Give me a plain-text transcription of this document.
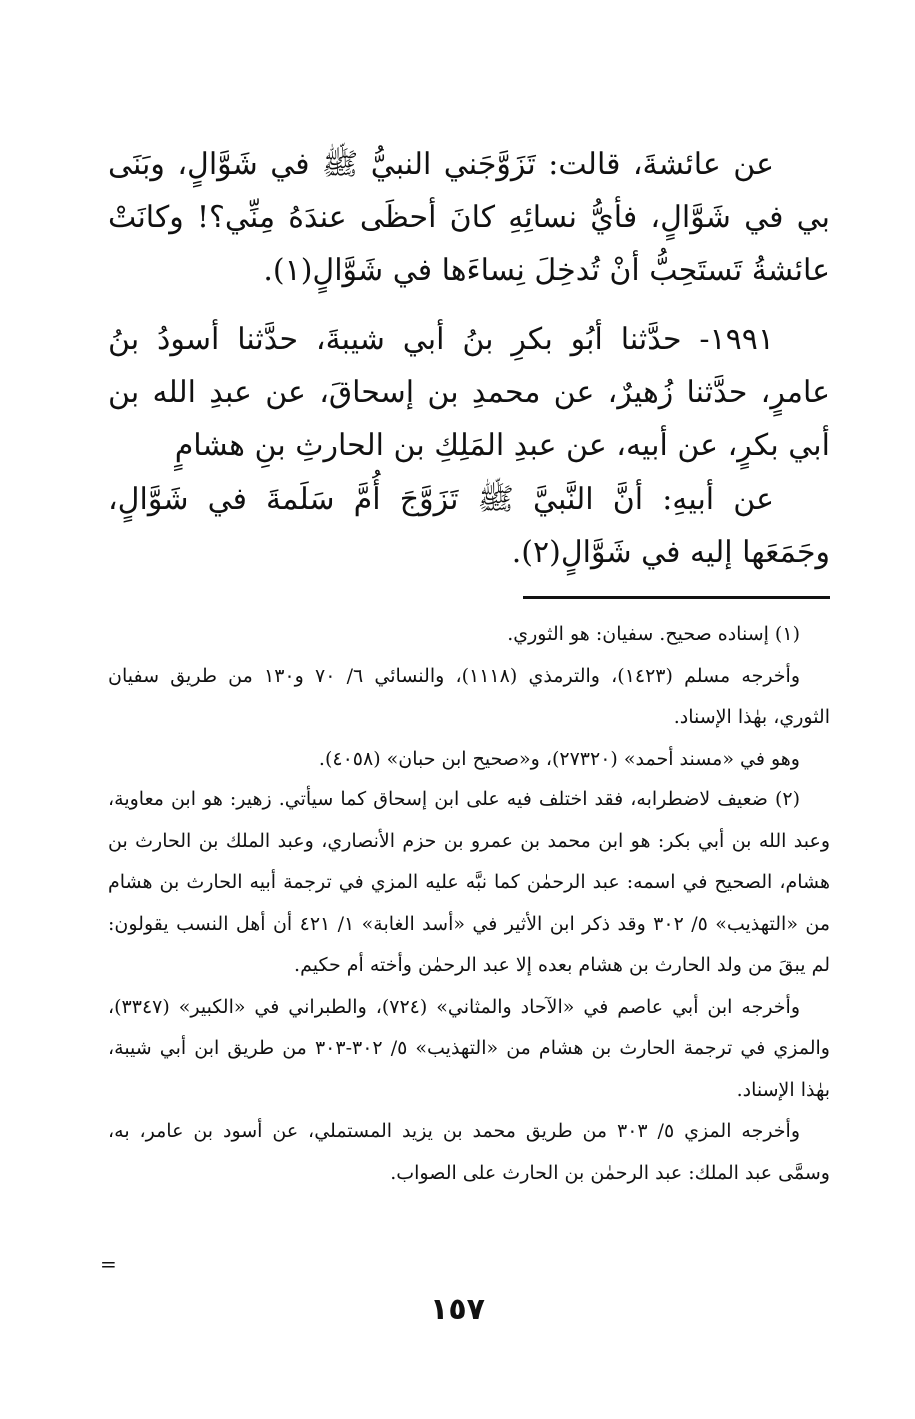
عن عائشةَ، قالت: تَزَوَّجَني النبيُّ ﷺ في شَوَّالٍ، وبَنَى بي في شَوَّالٍ، فأيُّ نسائِهِ كانَ أحظَى عندَهُ مِنِّي؟! وكانَتْ عائشةُ تَستَحِبُّ أنْ تُدخِلَ نِساءَها في شَوَّالٍ(١).

١٩٩١- حدَّثنا أبُو بكرِ بنُ أبي شيبةَ، حدَّثنا أسودُ بنُ عامرٍ، حدَّثنا زُهيرٌ، عن محمدِ بن إسحاقَ، عن عبدِ الله بن أبي بكرٍ، عن أبيه، عن عبدِ المَلِكِ بن الحارثِ بنِ هشامٍ

عن أبيهِ: أنَّ النَّبيَّ ﷺ تَزَوَّجَ أُمَّ سَلَمةَ في شَوَّالٍ، وجَمَعَها إليه في شَوَّالٍ(٢).

(١) إسناده صحيح. سفيان: هو الثوري.

وأخرجه مسلم (١٤٢٣)، والترمذي (١١١٨)، والنسائي ٦/ ٧٠ و١٣٠ من طريق سفيان الثوري، بهٰذا الإسناد.

وهو في «مسند أحمد» (٢٧٣٢٠)، و«صحيح ابن حبان» (٤٠٥٨).

(٢) ضعيف لاضطرابه، فقد اختلف فيه على ابن إسحاق كما سيأتي. زهير: هو ابن معاوية، وعبد الله بن أبي بكر: هو ابن محمد بن عمرو بن حزم الأنصاري، وعبد الملك بن الحارث بن هشام، الصحيح في اسمه: عبد الرحمٰن كما نبَّه عليه المزي في ترجمة أبيه الحارث بن هشام من «التهذيب» ٥/ ٣٠٢ وقد ذكر ابن الأثير في «أسد الغابة» ١/ ٤٢١ أن أهل النسب يقولون: لم يبقَ من ولد الحارث بن هشام بعده إلا عبد الرحمٰن وأخته أم حكيم.

وأخرجه ابن أبي عاصم في «الآحاد والمثاني» (٧٢٤)، والطبراني في «الكبير» (٣٣٤٧)، والمزي في ترجمة الحارث بن هشام من «التهذيب» ٥/ ٣٠٢-٣٠٣ من طريق ابن أبي شيبة، بهٰذا الإسناد.

وأخرجه المزي ٥/ ٣٠٣ من طريق محمد بن يزيد المستملي، عن أسود بن عامر، به، وسمَّى عبد الملك: عبد الرحمٰن بن الحارث على الصواب.

=
١٥٧
